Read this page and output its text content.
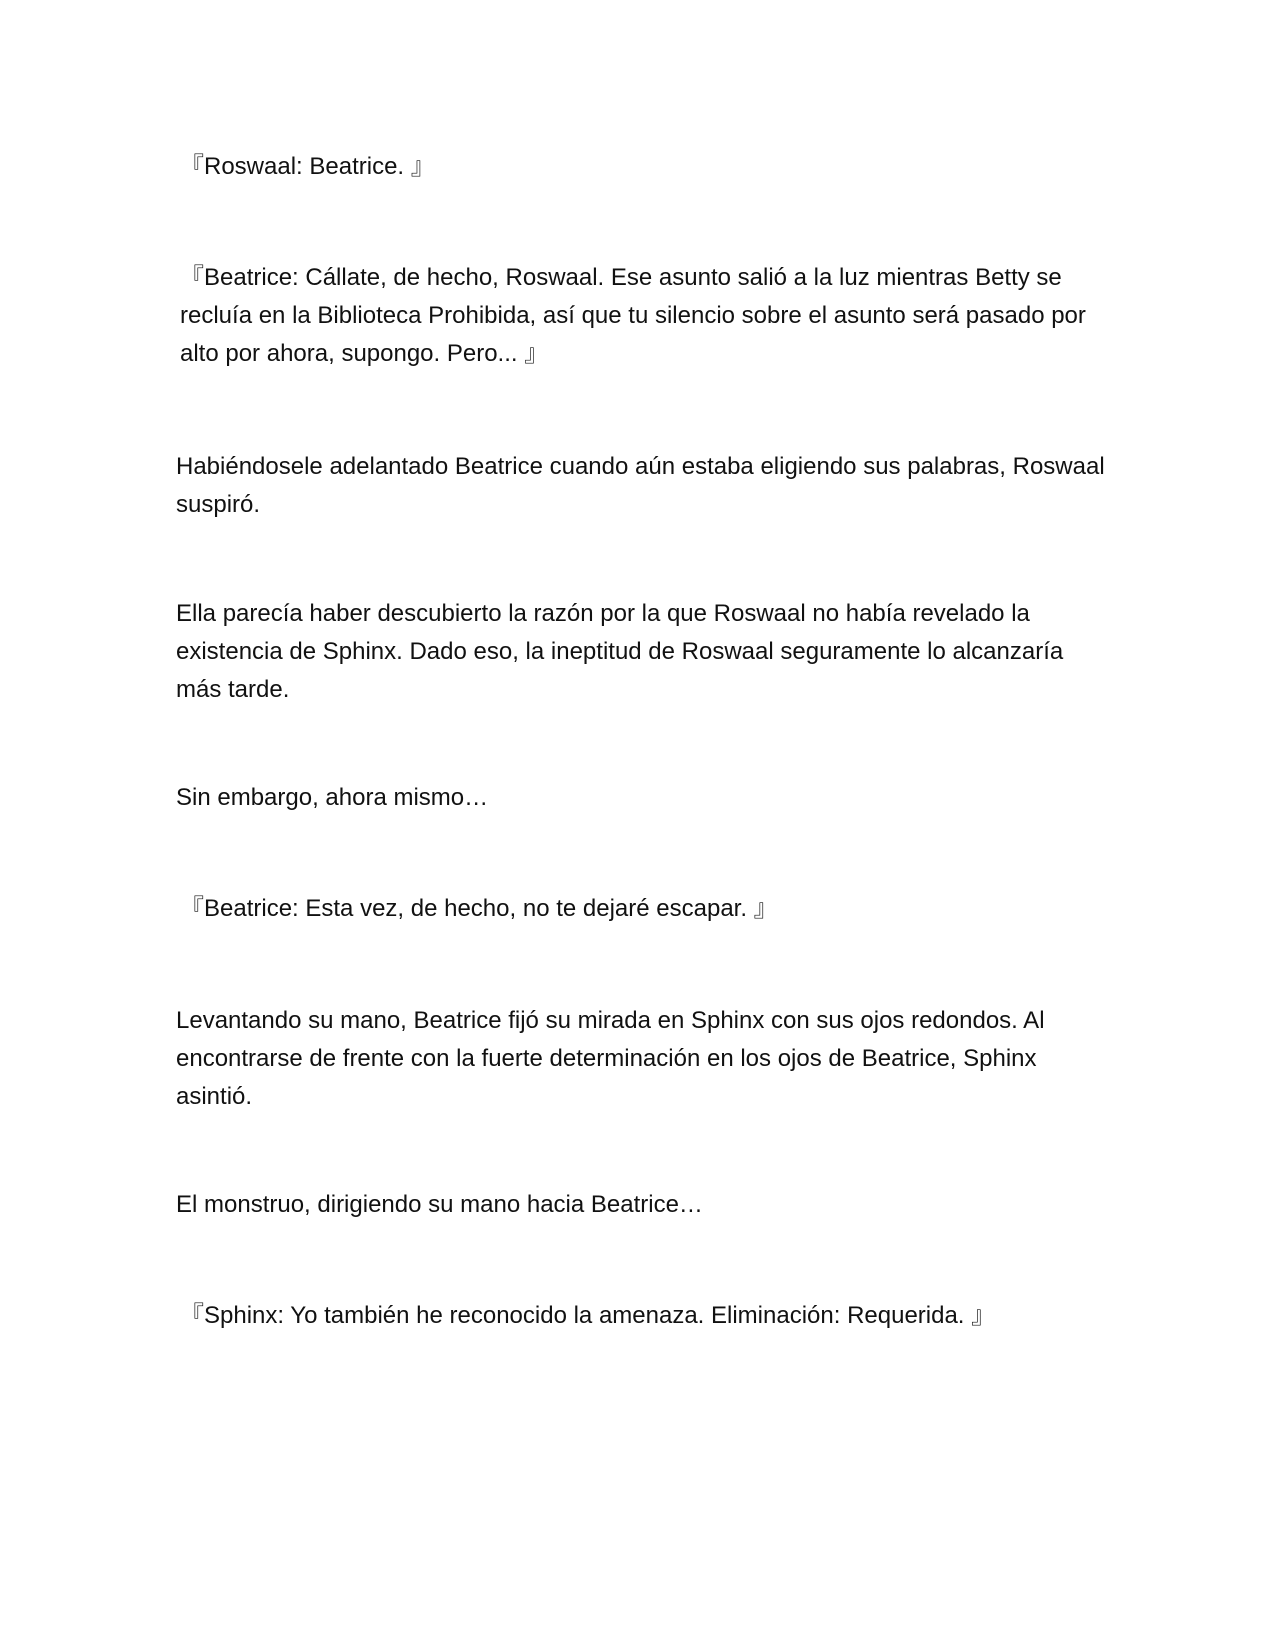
『Roswaal: Beatrice. 』

『Beatrice: Cállate, de hecho, Roswaal. Ese asunto salió a la luz mientras Betty se recluía en la Biblioteca Prohibida, así que tu silencio sobre el asunto será pasado por alto por ahora, supongo. Pero... 』

Habiéndosele adelantado Beatrice cuando aún estaba eligiendo sus palabras, Roswaal suspiró.

Ella parecía haber descubierto la razón por la que Roswaal no había revelado la existencia de Sphinx. Dado eso, la ineptitud de Roswaal seguramente lo alcanzaría más tarde.

Sin embargo, ahora mismo…

『Beatrice: Esta vez, de hecho, no te dejaré escapar. 』

Levantando su mano, Beatrice fijó su mirada en Sphinx con sus ojos redondos. Al encontrarse de frente con la fuerte determinación en los ojos de Beatrice, Sphinx asintió.

El monstruo, dirigiendo su mano hacia Beatrice…

『Sphinx: Yo también he reconocido la amenaza. Eliminación: Requerida. 』
